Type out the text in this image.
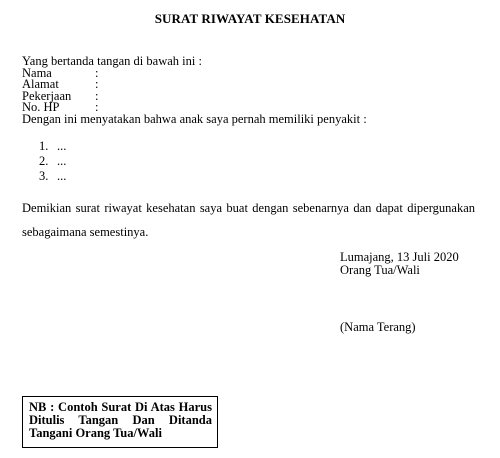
SURAT RIWAYAT KESEHATAN
Yang bertanda tangan di bawah ini :
Nama	:
Alamat	:
Pekerjaan	:
No. HP	:
Dengan ini menyatakan bahwa anak saya pernah memiliki penyakit :
1. ...
2. ...
3. ...
Demikian surat riwayat kesehatan saya buat dengan sebenarnya dan dapat dipergunakan sebagaimana semestinya.
Lumajang, 13 Juli 2020
Orang Tua/Wali
(Nama Terang)
NB : Contoh Surat Di Atas Harus Ditulis Tangan Dan Ditanda Tangani Orang Tua/Wali
